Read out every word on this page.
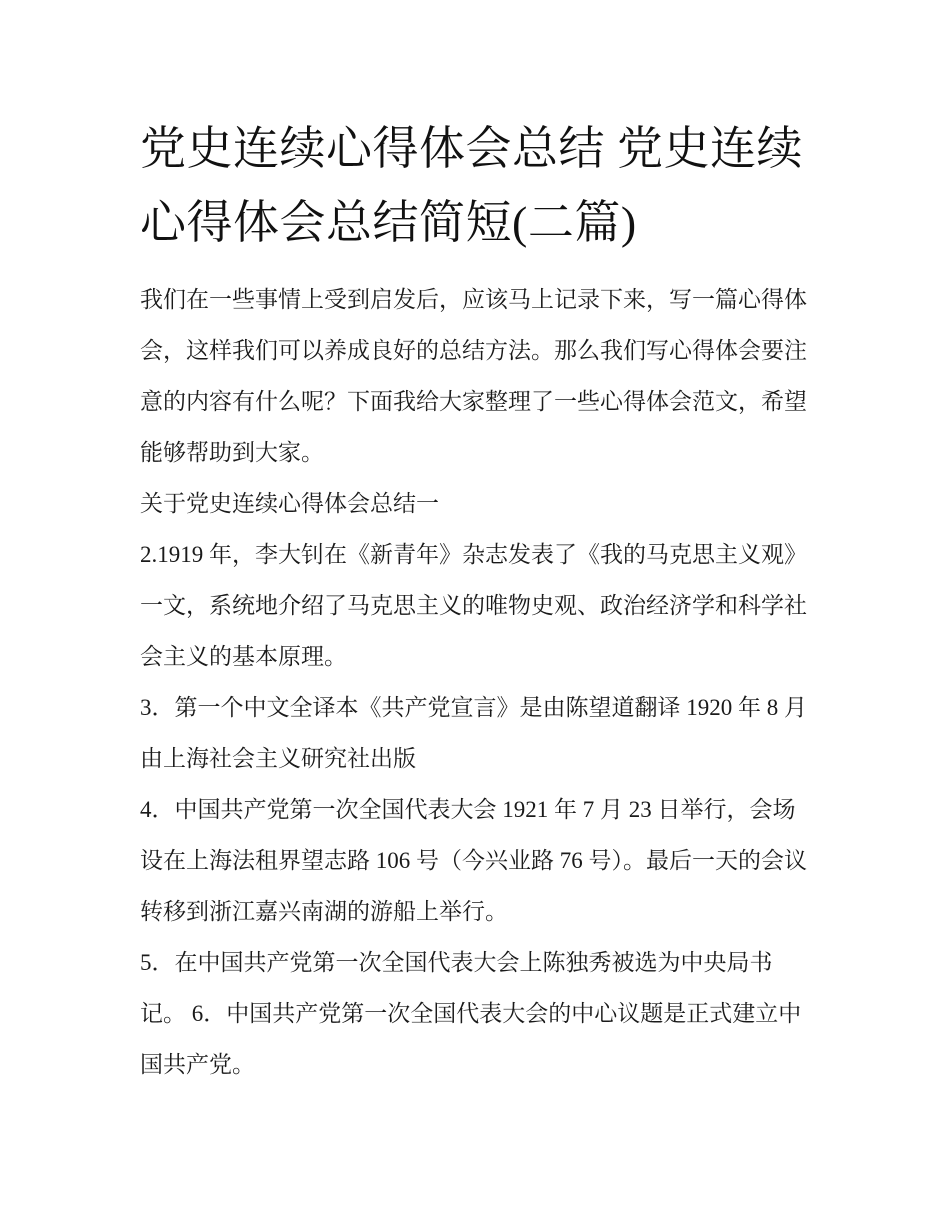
党史连续心得体会总结 党史连续心得体会总结简短(二篇)

我们在一些事情上受到启发后，应该马上记录下来，写一篇心得体会，这样我们可以养成良好的总结方法。那么我们写心得体会要注意的内容有什么呢？下面我给大家整理了一些心得体会范文，希望能够帮助到大家。

关于党史连续心得体会总结一

2.1919 年，李大钊在《新青年》杂志发表了《我的马克思主义观》一文，系统地介绍了马克思主义的唯物史观、政治经济学和科学社会主义的基本原理。

3．第一个中文全译本《共产党宣言》是由陈望道翻译 1920 年 8 月由上海社会主义研究社出版

4．中国共产党第一次全国代表大会 1921 年 7 月 23 日举行，会场设在上海法租界望志路 106 号（今兴业路 76 号）。最后一天的会议转移到浙江嘉兴南湖的游船上举行。

5．在中国共产党第一次全国代表大会上陈独秀被选为中央局书记。 6．中国共产党第一次全国代表大会的中心议题是正式建立中国共产党。
